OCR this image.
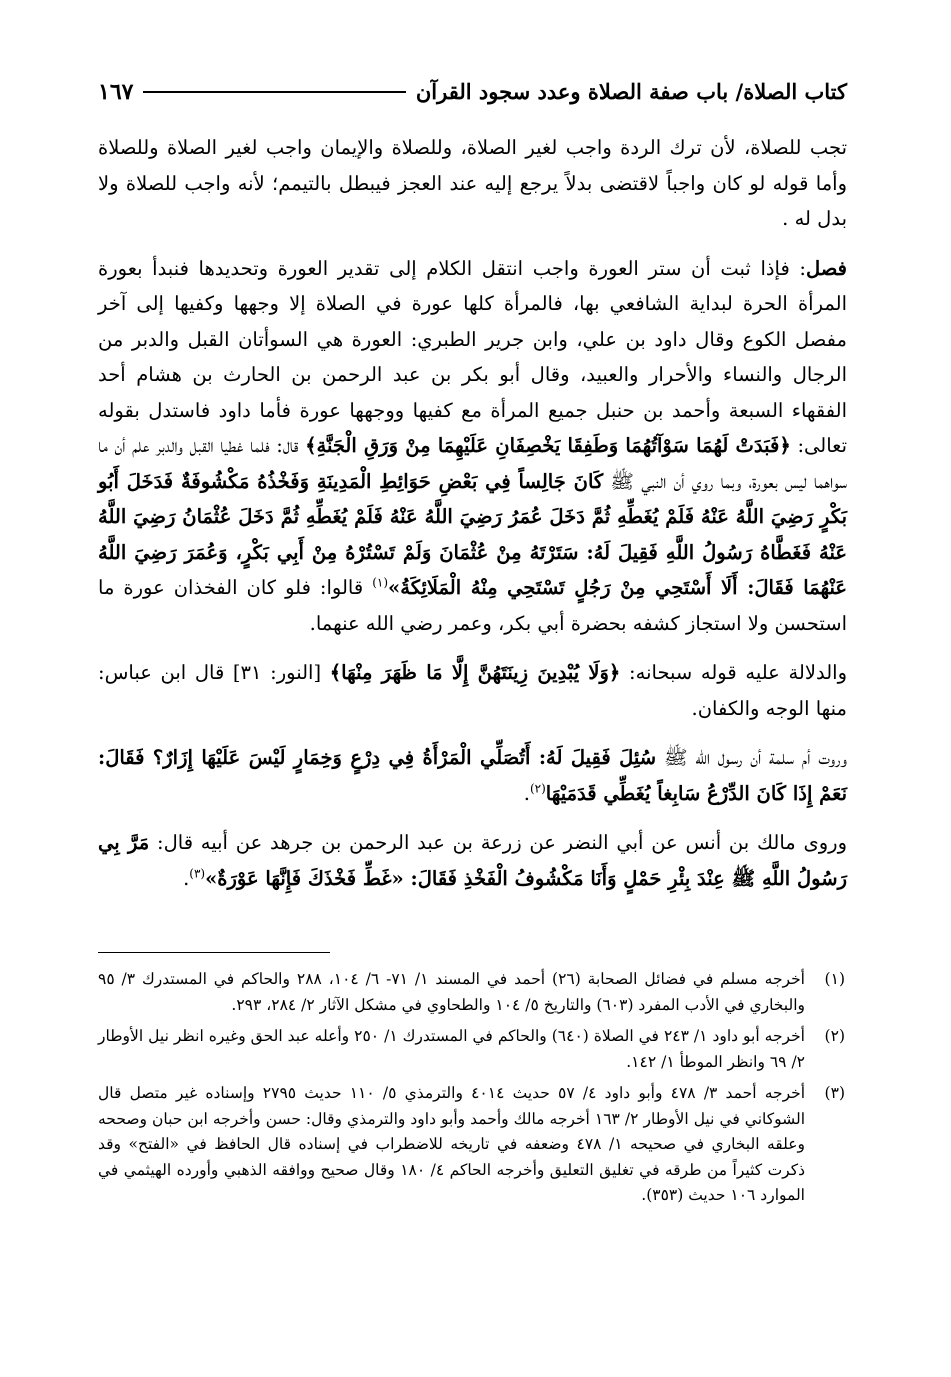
كتاب الصلاة/ باب صفة الصلاة وعدد سجود القرآن
١٦٧

تجب للصلاة، لأن ترك الردة واجب لغير الصلاة، وللصلاة والإيمان واجب لغير الصلاة وللصلاة وأما قوله لو كان واجباً لاقتضى بدلاً يرجع إليه عند العجز فيبطل بالتيمم؛ لأنه واجب للصلاة ولا بدل له .

فصل: فإذا ثبت أن ستر العورة واجب انتقل الكلام إلى تقدير العورة وتحديدها فنبدأ بعورة المرأة الحرة لبداية الشافعي بها، فالمرأة كلها عورة في الصلاة إلا وجهها وكفيها إلى آخر مفصل الكوع وقال داود بن علي، وابن جرير الطبري: العورة هي السوأتان القبل والدبر من الرجال والنساء والأحرار والعبيد، وقال أبو بكر بن عبد الرحمن بن الحارث بن هشام أحد الفقهاء السبعة وأحمد بن حنبل جميع المرأة مع كفيها ووجهها عورة فأما داود فاستدل بقوله تعالى: ﴿فَبَدَتْ لَهُمَا سَوْآتُهُمَا وَطَفِقَا يَخْصِفَانِ عَلَيْهِمَا مِنْ وَرَقِ الْجَنَّةِ﴾ قال: فلما غطيا القبل والدبر علم أن ما سواهما ليس بعورة، وبما روي أن النبي ﷺ كَانَ جَالِساً فِي بَعْضِ حَوَائِطِ الْمَدِينَةِ وَفَخْذُهُ مَكْشُوفَةٌ فَدَخَلَ أَبُو بَكْرٍ رَضِيَ اللَّهُ عَنْهُ فَلَمْ يُغَطِّهِ ثُمَّ دَخَلَ عُمَرُ رَضِيَ اللَّهُ عَنْهُ فَلَمْ يُغَطِّهِ ثُمَّ دَخَلَ عُثْمَانُ رَضِيَ اللَّهُ عَنْهُ فَغَطَّاهُ رَسُولُ اللَّهِ فَقِيلَ لَهُ: سَتَرْتَهُ مِنْ عُثْمَانَ وَلَمْ تَسْتُرْهُ مِنْ أَبِي بَكْرٍ، وَعُمَرَ رَضِيَ اللَّهُ عَنْهُمَا فَقَالَ: أَلَا أَسْتَحِي مِنْ رَجُلٍ تَسْتَحِي مِنْهُ الْمَلَائِكَةُ»$^{(١)}$ قالوا: فلو كان الفخذان عورة ما استحسن ولا استجاز كشفه بحضرة أبي بكر، وعمر رضي الله عنهما.

والدلالة عليه قوله سبحانه: ﴿وَلَا يُبْدِينَ زِينَتَهُنَّ إِلَّا مَا ظَهَرَ مِنْهَا﴾ [النور: ٣١] قال ابن عباس: منها الوجه والكفان.

وروت أم سلمة أن رسول الله ﷺ سُئِلَ فَقِيلَ لَهُ: أَتُصَلِّي الْمَرْأَةُ فِي دِرْعٍ وَخِمَارٍ لَيْسَ عَلَيْهَا إِزَارٌ؟ فَقَالَ: نَعَمْ إِذَا كَانَ الدِّرْعُ سَابِغاً يُغَطِّي قَدَمَيْهَا$^{(٢)}$.

وروى مالك بن أنس عن أبي النضر عن زرعة بن عبد الرحمن بن جرهد عن أبيه قال: مَرَّ بِي رَسُولُ اللَّهِ ﷺ عِنْدَ بِئْرِ حَمْلٍ وَأَنَا مَكْشُوفُ الْفَخْذِ فَقَالَ: «غَطِّ فَخْذَكَ فَإِنَّهَا عَوْرَةٌ»$^{(٣)}$.

(١)
أخرجه مسلم في فضائل الصحابة (٢٦) أحمد في المسند ١/ ٧١- ٦/ ١٠٤، ٢٨٨ والحاكم في المستدرك ٣/ ٩٥ والبخاري في الأدب المفرد (٦٠٣) والتاريخ ٥/ ١٠٤ والطحاوي في مشكل الآثار ٢/ ٢٨٤، ٢٩٣.
(٢)
أخرجه أبو داود ١/ ٢٤٣ في الصلاة (٦٤٠) والحاكم في المستدرك ١/ ٢٥٠ وأعله عبد الحق وغيره انظر نيل الأوطار ٢/ ٦٩ وانظر الموطأ ١/ ١٤٢.
(٣)
أخرجه أحمد ٣/ ٤٧٨ وأبو داود ٤/ ٥٧ حديث ٤٠١٤ والترمذي ٥/ ١١٠ حديث ٢٧٩٥ وإسناده غير متصل قال الشوكاني في نيل الأوطار ٢/ ١٦٣ أخرجه مالك وأحمد وأبو داود والترمذي وقال: حسن وأخرجه ابن حبان وصححه وعلقه البخاري في صحيحه ١/ ٤٧٨ وضعفه في تاريخه للاضطراب في إسناده قال الحافظ في «الفتح» وقد ذكرت كثيراً من طرقه في تغليق التعليق وأخرجه الحاكم ٤/ ١٨٠ وقال صحيح ووافقه الذهبي وأورده الهيثمي في الموارد ١٠٦ حديث (٣٥٣).
